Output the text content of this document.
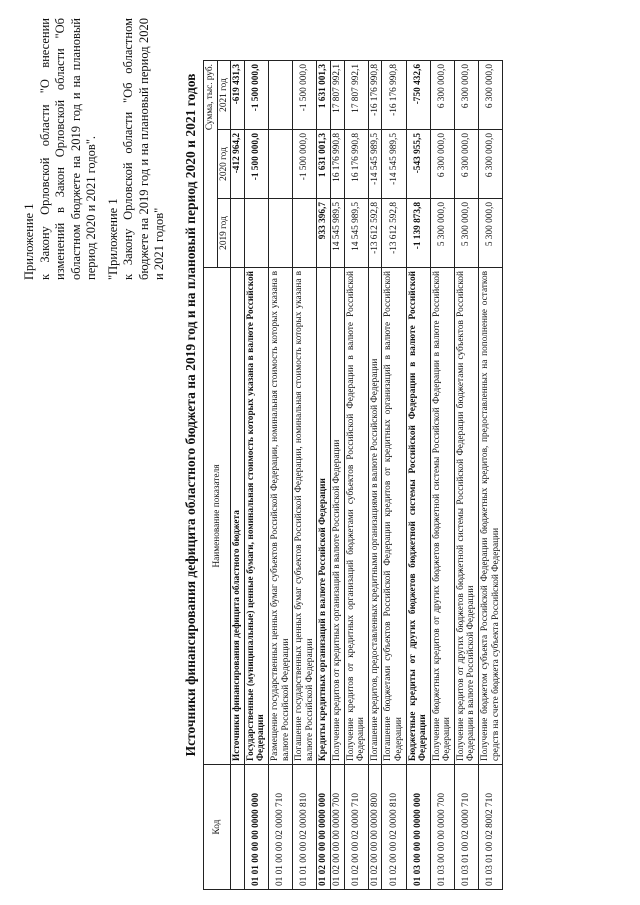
Приложение 1 к Закону Орловской области "О внесении изменений в Закон Орловской области "Об областном бюджете на 2019 год и на плановый период 2020 и 2021 годов". "Приложение 1 к Закону Орловской области "Об областном бюджете на 2019 год и на плановый период 2020 и 2021 годов" Источники финансирования дефицита областного бюджета на 2019 год и на плановый период 2020 и 2021 годов
Код	Наименование показателя	Сумма, тыс. руб.		
		2019 год	2020 год	2021 год
	Источники финансирования дефицита областного бюджета		-412 964,2	-619 431,3
01 01 00 00 00 0000 000	Государственные (муниципальные) ценные бумаги, номинальная стоимость которых указана в валюте Российской Федерации		-1 500 000,0	-1 500 000,0
01 01 00 00 02 0000 710	Размещение государственных ценных бумаг субъектов Российской Федерации, номинальная стоимость которых указана в валюте Российской Федерации			
01 01 00 00 02 0000 810	Погашение государственных ценных бумаг субъектов Российской Федерации, номинальная стоимость которых указана в валюте Российской Федерации		-1 500 000,0	-1 500 000,0
01 02 00 00 00 0000 000	Кредиты кредитных организаций в валюте Российской Федерации	933 396,7	1 631 001,3	1 631 001,3
01 02 00 00 00 0000 700	Получение кредитов от кредитных организаций в валюте Российской Федерации	14 545 989,5	16 176 990,8	17 807 992,1
01 02 00 00 02 0000 710	Получение кредитов от кредитных организаций бюджетами субъектов Российской Федерации в валюте Российской Федерации	14 545 989,5	16 176 990,8	17 807 992,1
01 02 00 00 00 0000 800	Погашение кредитов, предоставленных кредитными организациями в валюте Российской Федерации	-13 612 592,8	-14 545 989,5	-16 176 990,8
01 02 00 00 02 0000 810	Погашение бюджетами субъектов Российской Федерации кредитов от кредитных организаций в валюте Российской Федерации	-13 612 592,8	-14 545 989,5	-16 176 990,8
01 03 00 00 00 0000 000	Бюджетные кредиты от других бюджетов бюджетной системы Российской Федерации в валюте Российской Федерации	-1 139 873,8	-543 955,5	-750 432,6
01 03 00 00 00 0000 700	Получение бюджетных кредитов от других бюджетов бюджетной системы Российской Федерации в валюте Российской Федерации	5 300 000,0	6 300 000,0	6 300 000,0
01 03 01 00 02 0000 710	Получение кредитов от других бюджетов бюджетной системы Российской Федерации бюджетами субъектов Российской Федерации в валюте Российской Федерации	5 300 000,0	6 300 000,0	6 300 000,0
01 03 01 00 02 8002 710	Получение бюджетом субъекта Российской Федерации бюджетных кредитов, предоставленных на пополнение остатков средств на счете бюджета субъекта Российской Федерации	5 300 000,0	6 300 000,0	6 300 000,0
